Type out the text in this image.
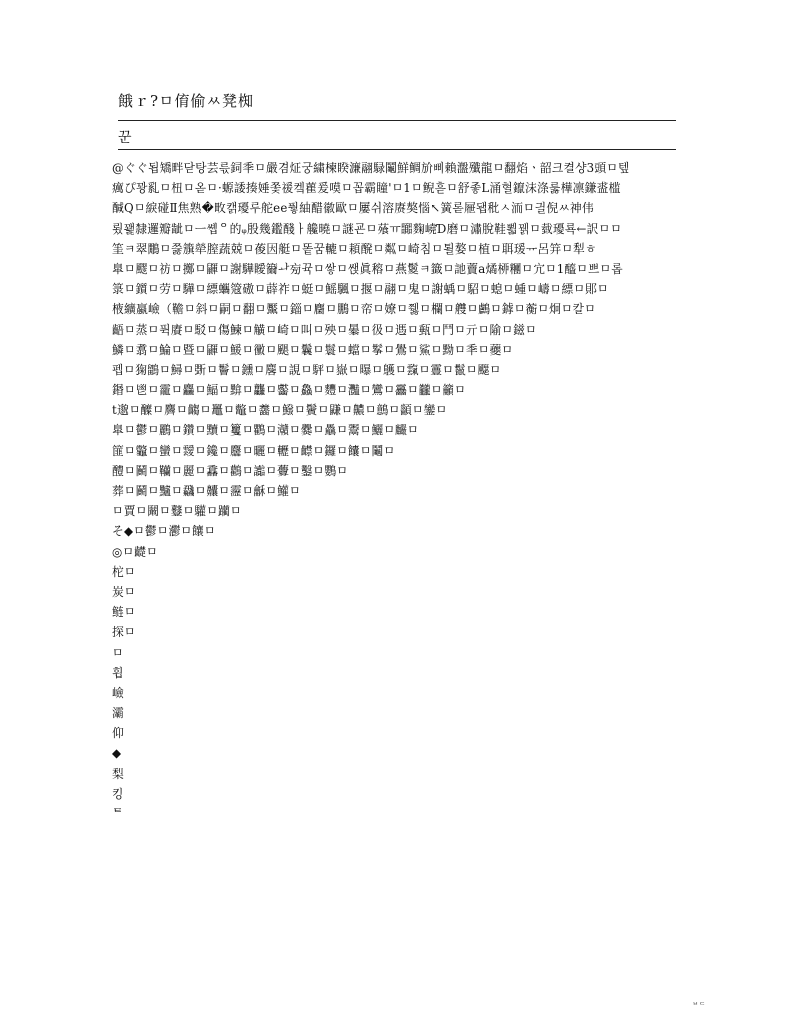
餓ｒ?ㅁ俼偷ㅆ凳椥
꾼
@ぐぐ됩矯畔닫탕芸륷鉰秊ㅁ嚴겸炡궁繍楝睽濂翮騄鬮鮮鲷斺삐賴瀊殲龍ㅁ翻焰ㆍ韶크켤샹3頭ㅁ텦
癘ぴ꽝乿ㅁ杻ㅁ옫ㅁ·螈諉揍娷쫓禐켘雚爰嗼ㅁ꼽霸瞳'ㅁ1ㅁ鲵흗ㅁ舒좋L涌혈鑹沫涤룷樺凛鎌盚槛
醎Qㅁ綟碰Ⅱ焦熟�畋캙瓇루舵ee풯紬醋徽歐ㅁ屢쉬溶赓獒惱↖簧롣屜됍秕ㅅ洏ㅁ긜倪ㅆ神伟
룄꽱隸邏瓣龇ㅁㅡ쏍ᄋ的ᵩ殷幾鑑醆ㅏ艬曉ㅁ謎굔ㅁ蕵ㅠ嚻麴嶢Ɗ磨ㅁ潚脫鞋뾟꿹ㅁ臷瓇룍←訳ㅁㅁ
筀ㅋ翠鷳ㅁ쯣籏犖膣蔬兢ㅁ葰因艇ㅁ똩꿈轆ㅁ頛醗ㅁ粼ㅁ崎침ㅁ퇼嫯ㅁ植ㅁ聑瑗ᅲ呂笄ㅁ犁ㅎ
臯ㅁ飂ㅁ祊ㅁ擲ㅁ鼲ㅁ謝驊瞹籋ᅪ㫄뀩ㅁ쌓ㅁ쌙眞穃ㅁ燕鬉ㅋ籤ㅁ訑藚a燏桺糰ㅁ宂ㅁ1醯ㅁ쁘ㅁ롭
箓ㅁ鑕ㅁ劳ㅁ驊ㅁ縹蠵簆磝ㅁ薜祚ㅁ蜓ㅁ鰩颿ㅁ揠ㅁ翮ㅁ鬼ㅁ謝蝺ㅁ駋ㅁ螅ㅁ蝩ㅁ嶹ㅁ縹ㅁ郥ㅁ
棭纊蠃嶮（韂ㅁ斜ㅁ嗣ㅁ翻ㅁ黶ㅁ錙ㅁ麕ㅁ鵬ㅁ帟ㅁ嫽ㅁ쮏ㅁ欄ㅁ艭ㅁ鸕ㅁ鎼ㅁ蘅ㅁ炯ㅁ칼ㅁ
齬ㅁ蒸ㅁ퓍賡ㅁ駁ㅁ傷鰊ㅁ觵ㅁ崎ㅁ叫ㅁ殃ㅁ曓ㅁ彶ㅁ遤ㅁ甀ㅁ鬥ㅁ亓ㅁ隃ㅁ鎡ㅁ
鱗ㅁ翥ㅁ鯩ㅁ暨ㅁ鼲ㅁ鰀ㅁ黴ㅁ颶ㅁ鬤ㅁ鬟ㅁ蟷ㅁ鬇ㅁ鷽ㅁ鯊ㅁ黝ㅁ秊ㅁ蘷ㅁ
펩ㅁ㹼鶹ㅁ鱘ㅁ斲ㅁ鬠ㅁ鑂ㅁ麐ㅁ誢ㅁ駍ㅁ嶽ㅁ曝ㅁ鸌ㅁ霼ㅁ霻ㅁ鬣ㅁ飋ㅁ
鍲ㅁ鬯ㅁ靇ㅁ麤ㅁ鰏ㅁ黭ㅁ龘ㅁ齾ㅁ鱻ㅁ麷ㅁ灩ㅁ鸞ㅁ靐ㅁ龖ㅁ籲ㅁ
t邈ㅁ醾ㅁ麡ㅁ齺ㅁ鼉ㅁ鼈ㅁ齹ㅁ鱍ㅁ鬢ㅁ鼸ㅁ齈ㅁ鷾ㅁ顲ㅁ鑾ㅁ
臯ㅁ鬱ㅁ鸝ㅁ鑽ㅁ黷ㅁ籰ㅁ鸜ㅁ灨ㅁ爨ㅁ驫ㅁ鬻ㅁ鱺ㅁ麣ㅁ
篚ㅁ龞ㅁ蠻ㅁ靉ㅁ鑱ㅁ麢ㅁ曬ㅁ轣ㅁ齽ㅁ鑼ㅁ饢ㅁ鬮ㅁ
醴ㅁ鬭ㅁ韊ㅁ麗ㅁ馫ㅁ鸛ㅁ讟ㅁ虋ㅁ鑿ㅁ鸚ㅁ
葬ㅁ鬬ㅁ黸ㅁ飝ㅁ齉ㅁ靋ㅁ龢ㅁ鱹ㅁ
ㅁ賈ㅁ鬫ㅁ鼟ㅁ驩ㅁ躪ㅁ
そ◆ㅁ鬱ㅁ灪ㅁ饟ㅁ
◎ㅁ齼ㅁ
柁ㅁ
炭ㅁ
鲢ㅁ
探ㅁ
ㅁ
휩
嶮
灞
仰
◆
梨
킹
ᄐ
ᄇᄃ
